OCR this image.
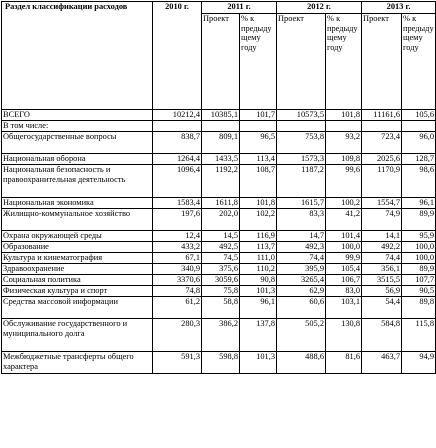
Раздел классификации расходов	2010 г.	2011 г.		2012 г.		2013 г.	
		Проект	% к предыдущему году	Проект	% к предыдущему году	Проект	% к предыдущему году
ВСЕГО	10212,4	10385,1	101,7	10573,5	101,8	11161,6	105,6
В том числе:							
Общегосударственные вопросы	838,7	809,1	96,5	753,8	93,2	723,4	96,0
Национальная оборона	1264,4	1433,5	113,4	1573,3	109,8	2025,6	128,7
Национальная безопасность и правоохранительная деятельность	1096,4	1192,2	108,7	1187,2	99,6	1170,9	98,6
Национальная экономика	1583,4	1611,8	101,8	1615,7	100,2	1554,7	96,1
Жилищно-коммунальное хозяйство	197,6	202,0	102,2	83,3	41,2	74,9	89,9
Охрана окружающей среды	12,4	14,5	116,9	14,7	101,4	14,1	95,9
Образование	433,2	492,5	113,7	492,3	100,0	492,2	100,0
Культура и кинематография	67,1	74,5	111,0	74,4	99,9	74,4	100,0
Здравоохранение	340,9	375,6	110,2	395,9	105,4	356,1	89,9
Социальная политика	3370,6	3059,6	90,8	3265,4	106,7	3515,5	107,7
Физическая культура и спорт	74,8	75,8	101,3	62,9	83,0	56,9	90,5
Средства массовой информации	61,2	58,8	96,1	60,6	103,1	54,4	89,8
Обслуживание государственного и муниципального долга	280,3	386,2	137,8	505,2	130,8	584,8	115,8
Межбюджетные трансферты общего характера	591,3	598,8	101,3	488,6	81,6	463,7	94,9
